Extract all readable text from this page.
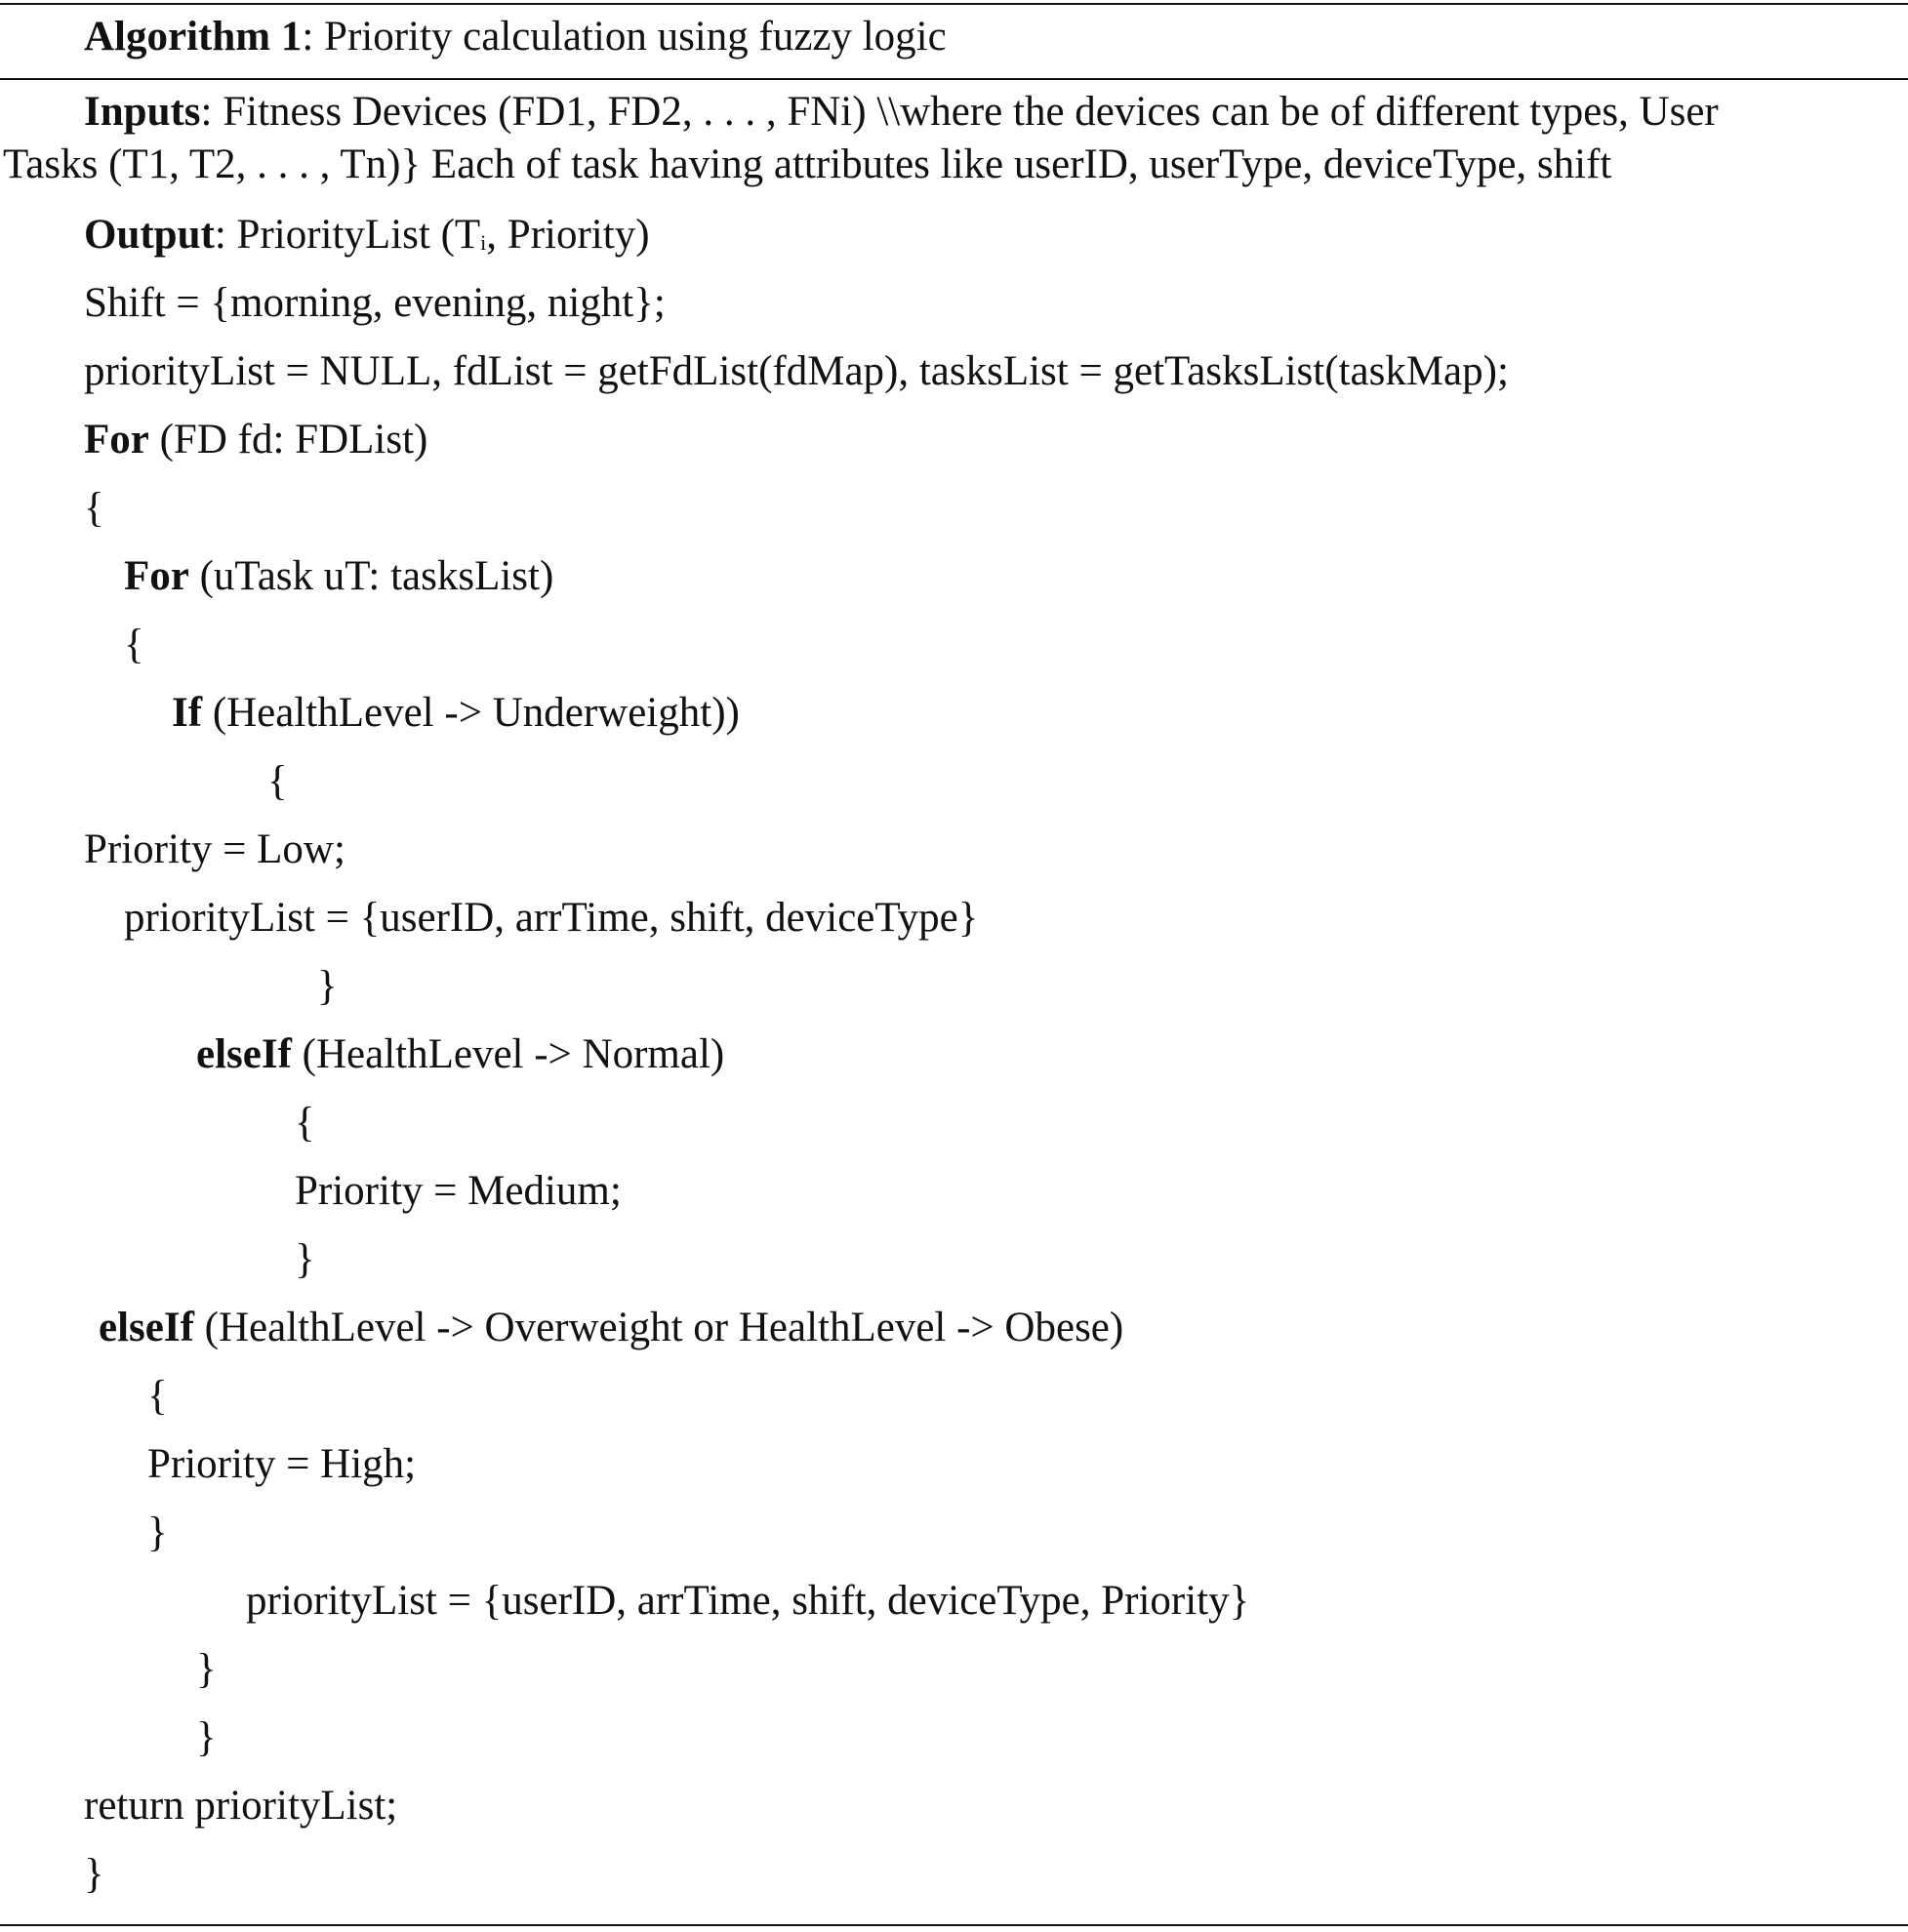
Algorithm 1: Priority calculation using fuzzy logic
Inputs: Fitness Devices (FD1, FD2, . . . , FNi) \\where the devices can be of different types, User
Tasks (T1, T2, . . . , Tn)} Each of task having attributes like userID, userType, deviceType, shift
Output: PriorityList ($T_i$, Priority)
Shift = {morning, evening, night};
priorityList = NULL, fdList = getFdList(fdMap), tasksList = getTasksList(taskMap);
For (FD fd: FDList)
{
For (uTask uT: tasksList)
{
If (HealthLevel -> Underweight))
{
Priority = Low;
priorityList = {userID, arrTime, shift, deviceType}
}
elseIf (HealthLevel -> Normal)
{
Priority = Medium;
}
elseIf (HealthLevel -> Overweight or HealthLevel -> Obese)
{
Priority = High;
}
priorityList = {userID, arrTime, shift, deviceType, Priority}
}
}
return priorityList;
}
